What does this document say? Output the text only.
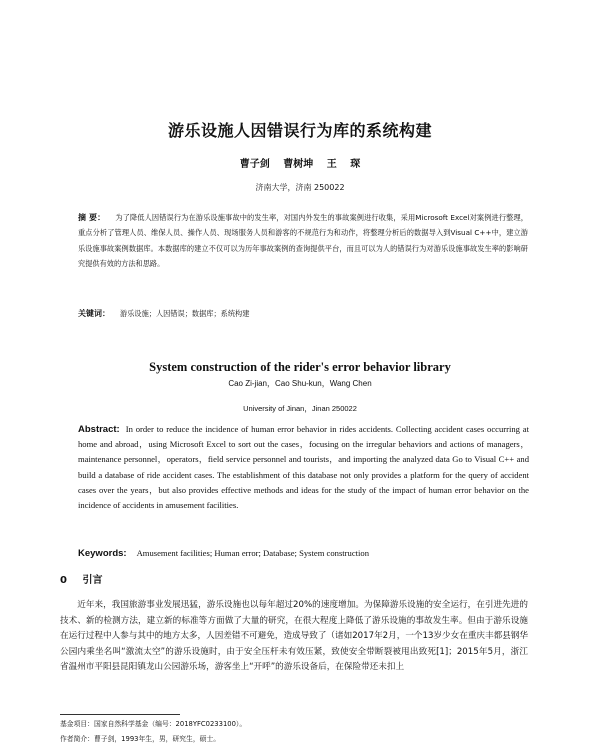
游乐设施人因错误行为库的系统构建
曹子剑 曹树坤 王 琛
济南大学，济南 250022
摘 要： 为了降低人因错误行为在游乐设施事故中的发生率，对国内外发生的事故案例进行收集，采用Microsoft Excel对案例进行整理，重点分析了管理人员、维保人员、操作人员、现场服务人员和游客的不规范行为和动作，将整理分析后的数据导入到Visual C++中，建立游乐设施事故案例数据库。本数据库的建立不仅可以为历年事故案例的查询提供平台，而且可以为人的错误行为对游乐设施事故发生率的影响研究提供有效的方法和思路。
关键词： 游乐设施；人因错误；数据库；系统构建
System construction of the rider's error behavior library
Cao Zi-jian，Cao Shu-kun，Wang Chen
University of Jinan，Jinan 250022
Abstract: In order to reduce the incidence of human error behavior in rides accidents. Collecting accident cases occurring at home and abroad，using Microsoft Excel to sort out the cases，focusing on the irregular behaviors and actions of managers，maintenance personnel，operators，field service personnel and tourists，and importing the analyzed data Go to Visual C++ and build a database of ride accident cases. The establishment of this database not only provides a platform for the query of accident cases over the years，but also provides effective methods and ideas for the study of the impact of human error behavior on the incidence of accidents in amusement facilities.
Keywords: Amusement facilities; Human error; Database; System construction
0 引言
近年来，我国旅游事业发展迅猛，游乐设施也以每年超过20%的速度增加。为保障游乐设施的安全运行，在引进先进的技术、新的检测方法，建立新的标准等方面做了大量的研究，在很大程度上降低了游乐设施的事故发生率。但由于游乐设施在运行过程中人参与其中的地方太多，人因差错不可避免，造成导致了（诸如2017年2月，一个13岁少女在重庆丰都县钢华公园内乘坐名叫“激流太空”的游乐设施时，由于安全压杆未有效压紧，致使安全带断裂被甩出致死[1]；2015年5月，浙江省温州市平阳县昆阳镇龙山公园游乐场，游客坐上“开呼”的游乐设备后，在保险带还未扣上
基金项目：国家自然科学基金（编号：2018YFC0233100）。
作者简介：曹子剑，1993年生，男，研究生，硕士。
